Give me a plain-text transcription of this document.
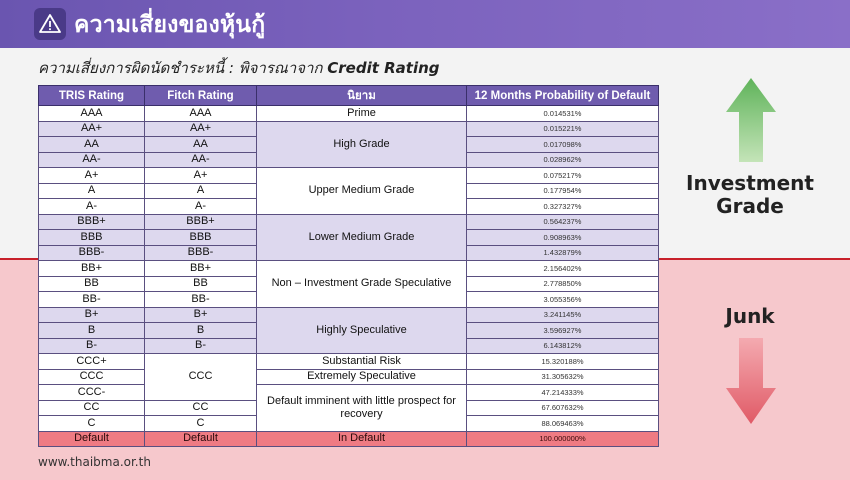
ความเสี่ยงของหุ้นกู้
ความเสี่ยงการผิดนัดชำระหนี้ : พิจารณาจาก Credit Rating
TRIS Rating	Fitch Rating	นิยาม	12 Months Probability of Default
AAA	AAA	Prime	0.014531%
AA+	AA+	High Grade	0.015221%
AA	AA		0.017098%
AA-	AA-		0.028962%
A+	A+	Upper Medium Grade	0.075217%
A	A		0.177954%
A-	A-		0.327327%
BBB+	BBB+	Lower Medium Grade	0.564237%
BBB	BBB		0.908963%
BBB-	BBB-		1.432879%
BB+	BB+	Non – Investment Grade Speculative	2.156402%
BB	BB		2.778850%
BB-	BB-		3.055356%
B+	B+	Highly Speculative	3.241145%
B	B		3.596927%
B-	B-		6.143812%
CCC+	CCC	Substantial Risk	15.320188%
CCC		Extremely Speculative	31.305632%
CCC-		Default imminent with little prospect for recovery	47.214333%
CC	CC		67.607632%
C	C		88.069463%
Default	Default	In Default	100.000000%
Investment Grade
Junk
www.thaibma.or.th
